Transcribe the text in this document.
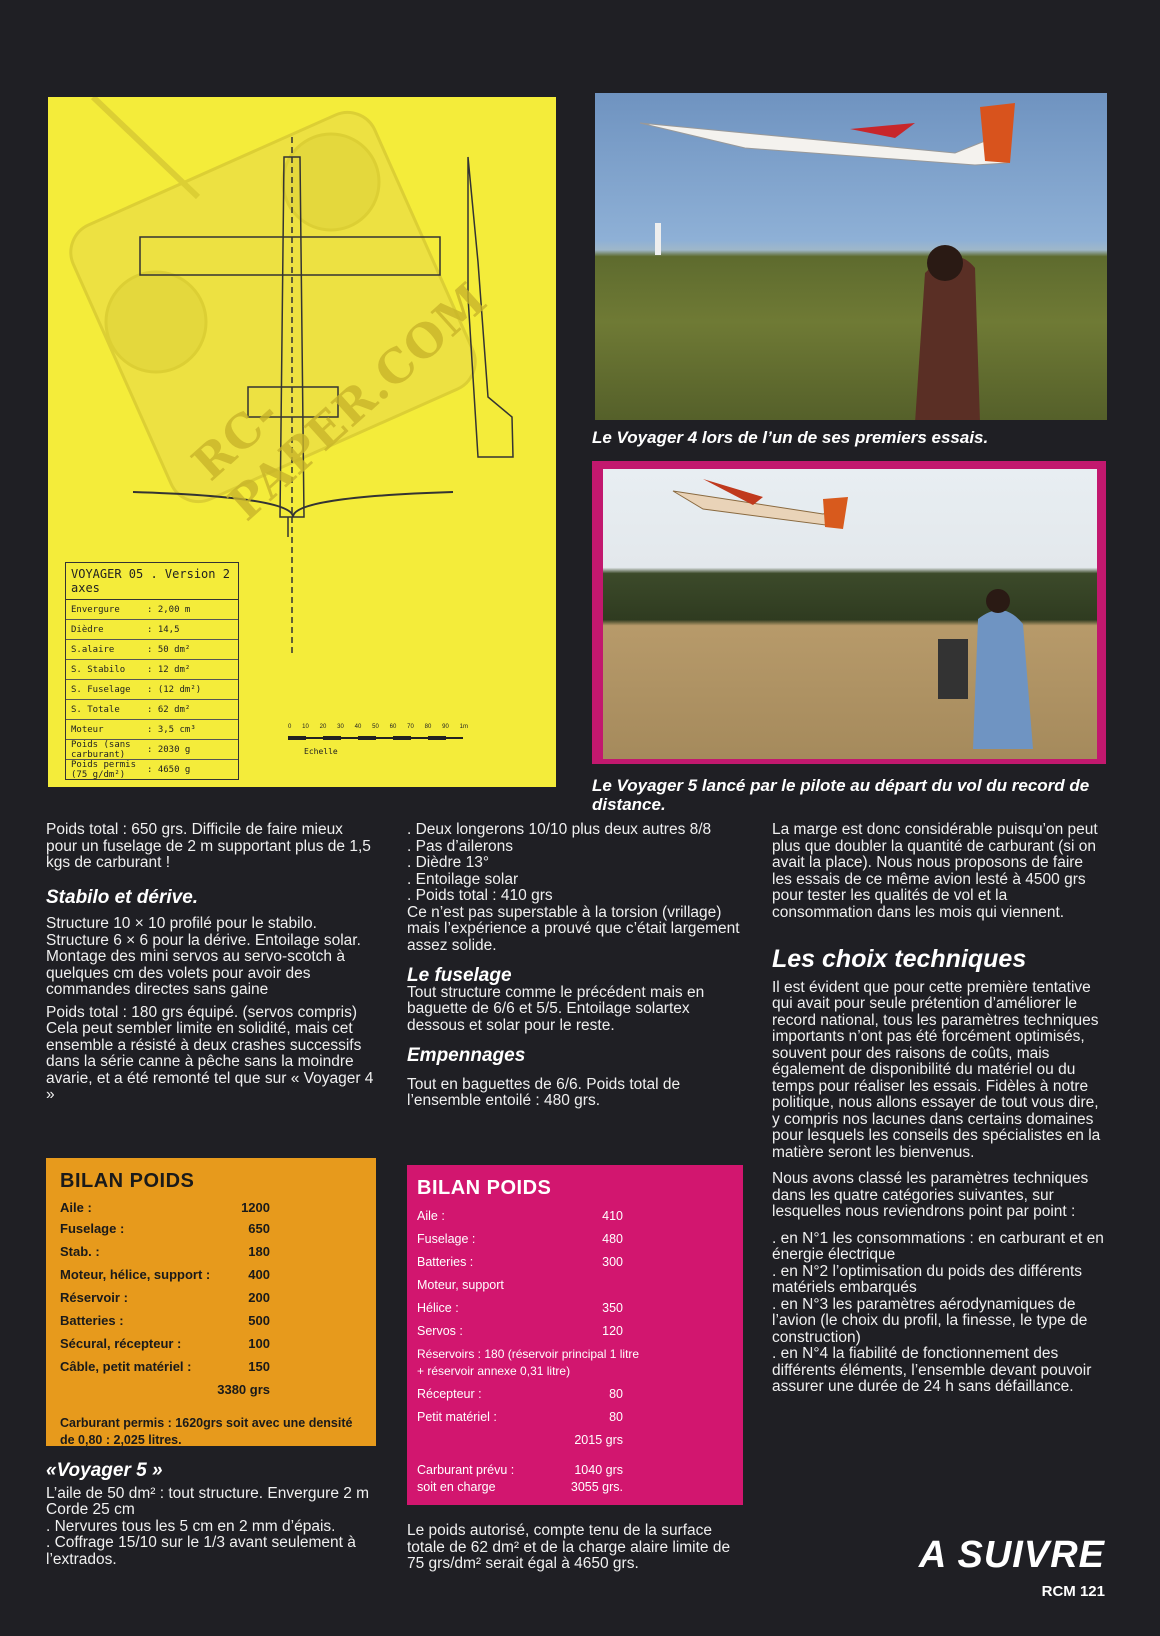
RC-PAPER.COM
0 10 20 30 40 50 60 70 80 90 1m
Echelle
VOYAGER 05 . Version 2 axes
Envergure	: 2,00 m
Dièdre	: 14,5
S.alaire	: 50 dm²
S. Stabilo	: 12 dm²
S. Fuselage	: (12 dm²)
S. Totale	: 62 dm²
Moteur	: 3,5 cm³
Poids (sans carburant)	: 2030 g
Poids permis (75 g/dm²)	: 4650 g
Le Voyager 4 lors de l’un de ses premiers essais.
Le Voyager 5 lancé par le pilote au départ du vol du record de distance.

Poids total : 650 grs. Difficile de faire mieux pour un fuselage de 2 m supportant plus de 1,5 kgs de carburant !

Stabilo et dérive.

Structure 10 × 10 profilé pour le stabilo. Structure 6 × 6 pour la dérive. Entoilage solar. Montage des mini servos au servo-scotch à quelques cm des volets pour avoir des commandes directes sans gaine

Poids total : 180 grs équipé. (servos compris)

Cela peut sembler limite en solidité, mais cet ensemble a résisté à deux crashes successifs dans la série canne à pêche sans la moindre avarie, et a été remonté tel que sur « Voyager 4 »

BILAN POIDS
Aile :	1200
Fuselage :	650
Stab. :	180
Moteur, hélice, support :	400
Réservoir :	200
Batteries :	500
Sécural, récepteur :	100
Câble, petit matériel :	150
3380 grs
Carburant permis : 1620grs soit avec une densité de 0,80 : 2,025 litres.
«Voyager 5 »

L’aile de 50 dm² : tout structure. Envergure 2 m Corde 25 cm

. Nervures tous les 5 cm en 2 mm d’épais.
. Coffrage 15/10 sur le 1/3 avant seulement à l’extrados.
. Deux longerons 10/10 plus deux autres 8/8
. Pas d’ailerons
. Dièdre 13°
. Entoilage solar
. Poids total : 410 grs

Ce n’est pas superstable à la torsion (vrillage) mais l’expérience a prouvé que c’était largement assez solide.

Le fuselage

Tout structure comme le précédent mais en baguette de 6/6 et 5/5. Entoilage solartex dessous et solar pour le reste.

Empennages

Tout en baguettes de 6/6. Poids total de l’ensemble entoilé : 480 grs.

BILAN POIDS
Aile :	410
Fuselage :	480
Batteries :	300
Moteur, support
Hélice :	350
Servos :	120
Réservoirs : 180 (réservoir principal 1 litre + réservoir annexe 0,31 litre)
Récepteur :	80
Petit matériel :	80
2015 grs
Carburant prévu :	1040 grs
soit en charge	3055 grs.

Le poids autorisé, compte tenu de la surface totale de 62 dm² et de la charge alaire limite de 75 grs/dm² serait égal à 4650 grs.

La marge est donc considérable puisqu’on peut plus que doubler la quantité de carburant (si on avait la place). Nous nous proposons de faire les essais de ce même avion lesté à 4500 grs pour tester les qualités de vol et la consommation dans les mois qui viennent.

Les choix techniques

Il est évident que pour cette première tentative qui avait pour seule prétention d’améliorer le record national, tous les paramètres techniques importants n’ont pas été forcément optimisés, souvent pour des raisons de coûts, mais également de disponibilité du matériel ou du temps pour réaliser les essais. Fidèles à notre politique, nous allons essayer de tout vous dire, y compris nos lacunes dans certains domaines pour lesquels les conseils des spécialistes en la matière seront les bienvenus.

Nous avons classé les paramètres techniques dans les quatre catégories suivantes, sur lesquelles nous reviendrons point par point :

. en N°1 les consommations : en carburant et en énergie électrique
. en N°2 l’optimisation du poids des différents matériels embarqués
. en N°3 les paramètres aérodynamiques de l’avion (le choix du profil, la finesse, le type de construction)
. en N°4 la fiabilité de fonctionnement des différents éléments, l’ensemble devant pouvoir assurer une durée de 24 h sans défaillance.
A SUIVRE
RCM 121
